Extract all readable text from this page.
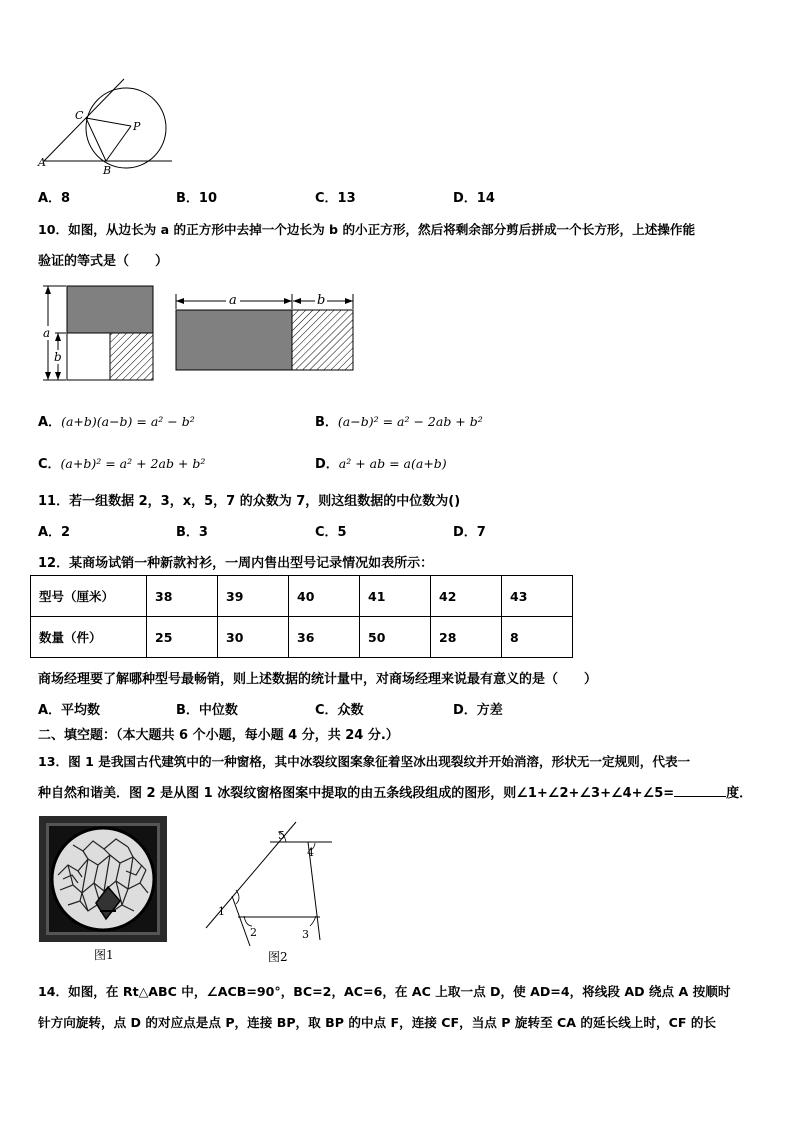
A
C
P
B
A．8	B．10	C．13	D．14
10．如图，从边长为 a 的正方形中去掉一个边长为 b 的小正方形，然后将剩余部分剪后拼成一个长方形，上述操作能
验证的等式是（　　）
a
b
a	b
A．(a+b)(a−b) = a² − b²	B．(a−b)² = a² − 2ab + b²
C．(a+b)² = a² + 2ab + b²	D．a² + ab = a(a+b)
11．若一组数据 2，3，x，5，7 的众数为 7，则这组数据的中位数为()
A．2	B．3	C．5	D．7
12．某商场试销一种新款衬衫，一周内售出型号记录情况如表所示：
型号（厘米）	38	39	40	41	42	43
数量（件）	25	30	36	50	28	8
商场经理要了解哪种型号最畅销，则上述数据的统计量中，对商场经理来说最有意义的是（　　）
A．平均数	B．中位数	C．众数	D．方差
二、填空题：（本大题共 6 个小题，每小题 4 分，共 24 分.）
13．图 1 是我国古代建筑中的一种窗格，其中冰裂纹图案象征着坚冰出现裂纹并开始消溶，形状无一定规则，代表一
种自然和谐美．图 2 是从图 1 冰裂纹窗格图案中提取的由五条线段组成的图形，则∠1+∠2+∠3+∠4+∠5=	度．
图1
1
2	3
4
5
图2
14．如图，在 Rt△ABC 中，∠ACB=90°，BC=2，AC=6，在 AC 上取一点 D，使 AD=4，将线段 AD 绕点 A 按顺时
针方向旋转，点 D 的对应点是点 P，连接 BP，取 BP 的中点 F，连接 CF，当点 P 旋转至 CA 的延长线上时，CF 的长
